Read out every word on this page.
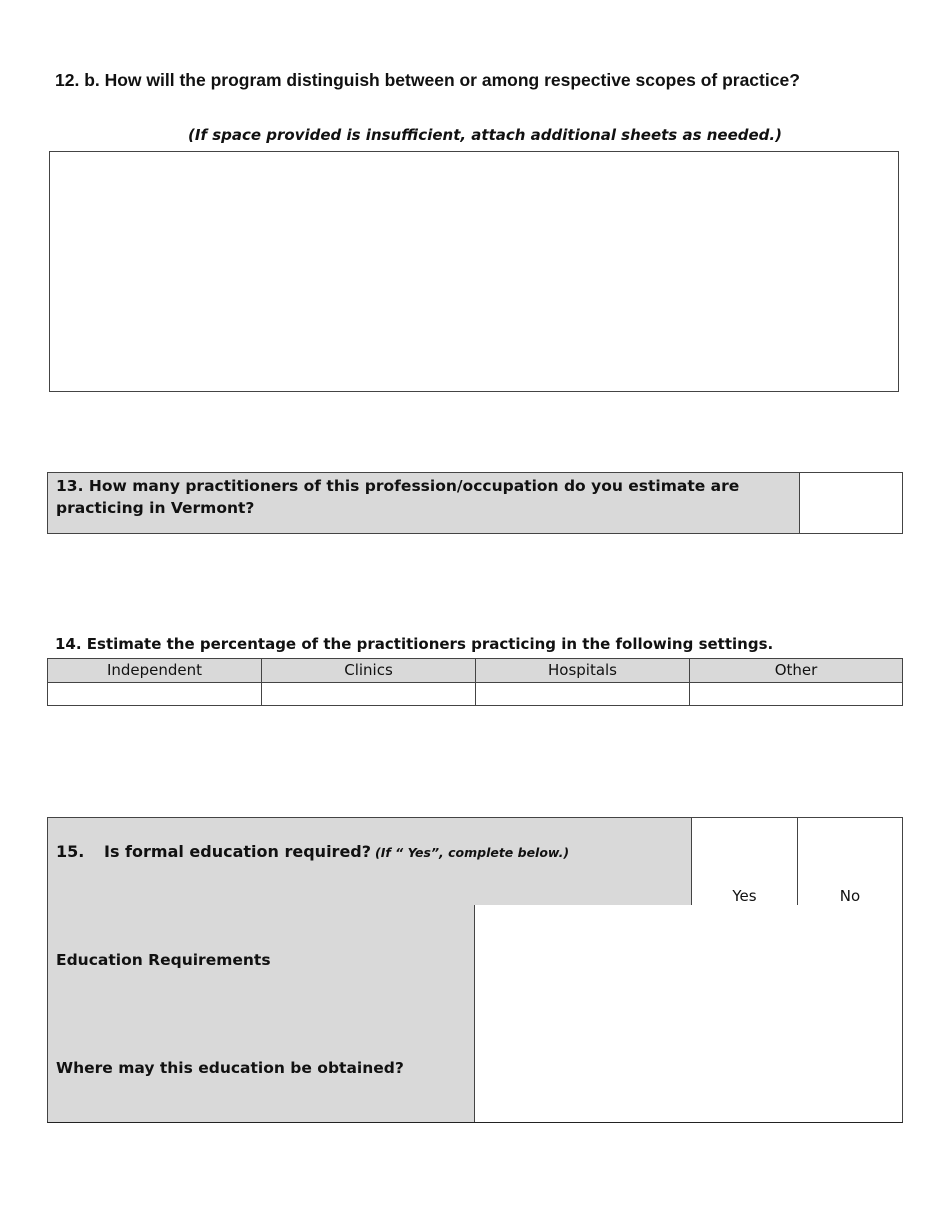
12. b. How will the program distinguish between or among respective scopes of practice?
(If space provided is insufficient, attach additional sheets as needed.)
13. How many practitioners of this profession/occupation do you estimate are practicing in Vermont?
14. Estimate the percentage of the practitioners practicing in the following settings.
Independent	Clinics	Hospitals	Other
15. Is formal education required? (If “ Yes”, complete below.)
Yes	No
Education Requirements
Where may this education be obtained?
